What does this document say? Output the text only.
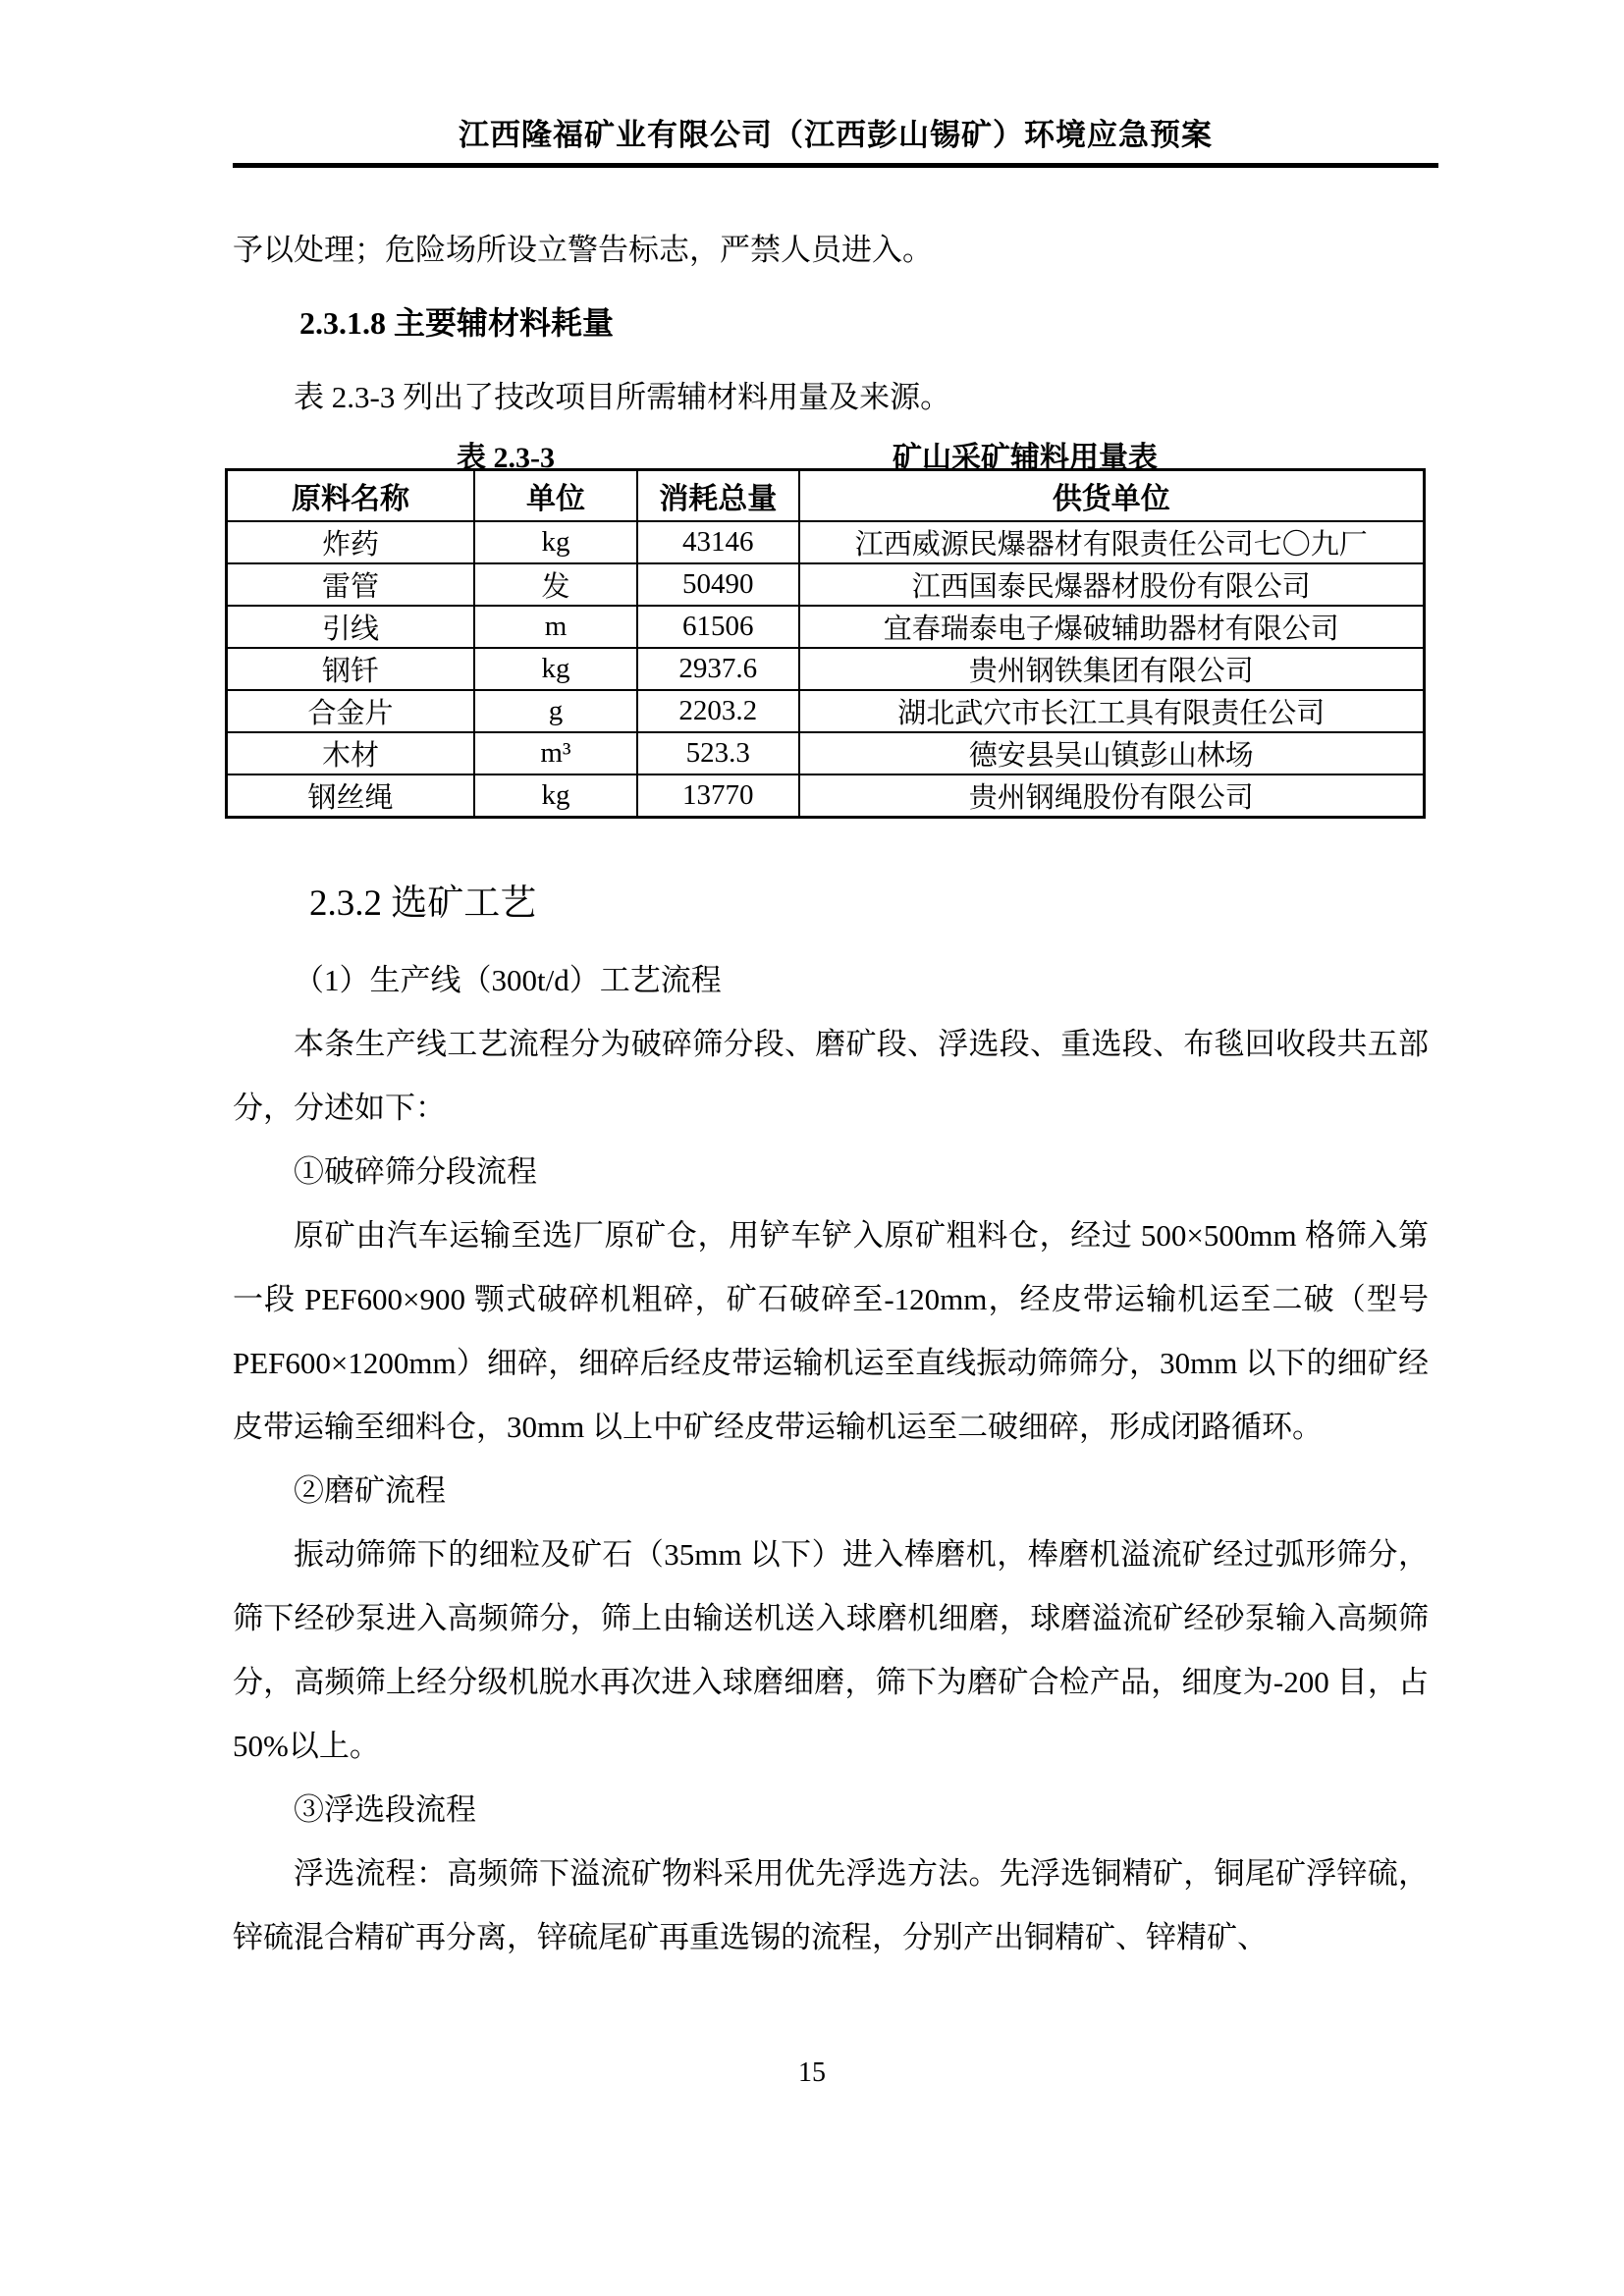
江西隆福矿业有限公司（江西彭山锡矿）环境应急预案
予以处理；危险场所设立警告标志，严禁人员进入。
2.3.1.8 主要辅材料耗量
表 2.3-3 列出了技改项目所需辅材料用量及来源。
表 2.3-3	矿山采矿辅料用量表
原料名称	单位	消耗总量	供货单位
炸药	kg	43146	江西威源民爆器材有限责任公司七〇九厂
雷管	发	50490	江西国泰民爆器材股份有限公司
引线	m	61506	宜春瑞泰电子爆破辅助器材有限公司
钢钎	kg	2937.6	贵州钢铁集团有限公司
合金片	g	2203.2	湖北武穴市长江工具有限责任公司
木材	m³	523.3	德安县吴山镇彭山林场
钢丝绳	kg	13770	贵州钢绳股份有限公司
2.3.2 选矿工艺

（1）生产线（300t/d）工艺流程

本条生产线工艺流程分为破碎筛分段、磨矿段、浮选段、重选段、布毯回收段共五部分，分述如下：

①破碎筛分段流程

原矿由汽车运输至选厂原矿仓，用铲车铲入原矿粗料仓，经过 500×500mm 格筛入第一段 PEF600×900 颚式破碎机粗碎，矿石破碎至-120mm，经皮带运输机运至二破（型号 PEF600×1200mm）细碎，细碎后经皮带运输机运至直线振动筛筛分，30mm 以下的细矿经皮带运输至细料仓，30mm 以上中矿经皮带运输机运至二破细碎，形成闭路循环。

②磨矿流程

振动筛筛下的细粒及矿石（35mm 以下）进入棒磨机，棒磨机溢流矿经过弧形筛分，筛下经砂泵进入高频筛分，筛上由输送机送入球磨机细磨，球磨溢流矿经砂泵输入高频筛分，高频筛上经分级机脱水再次进入球磨细磨，筛下为磨矿合检产品，细度为-200 目，占 50%以上。

③浮选段流程

浮选流程：高频筛下溢流矿物料采用优先浮选方法。先浮选铜精矿，铜尾矿浮锌硫，锌硫混合精矿再分离，锌硫尾矿再重选锡的流程，分别产出铜精矿、锌精矿、

15
